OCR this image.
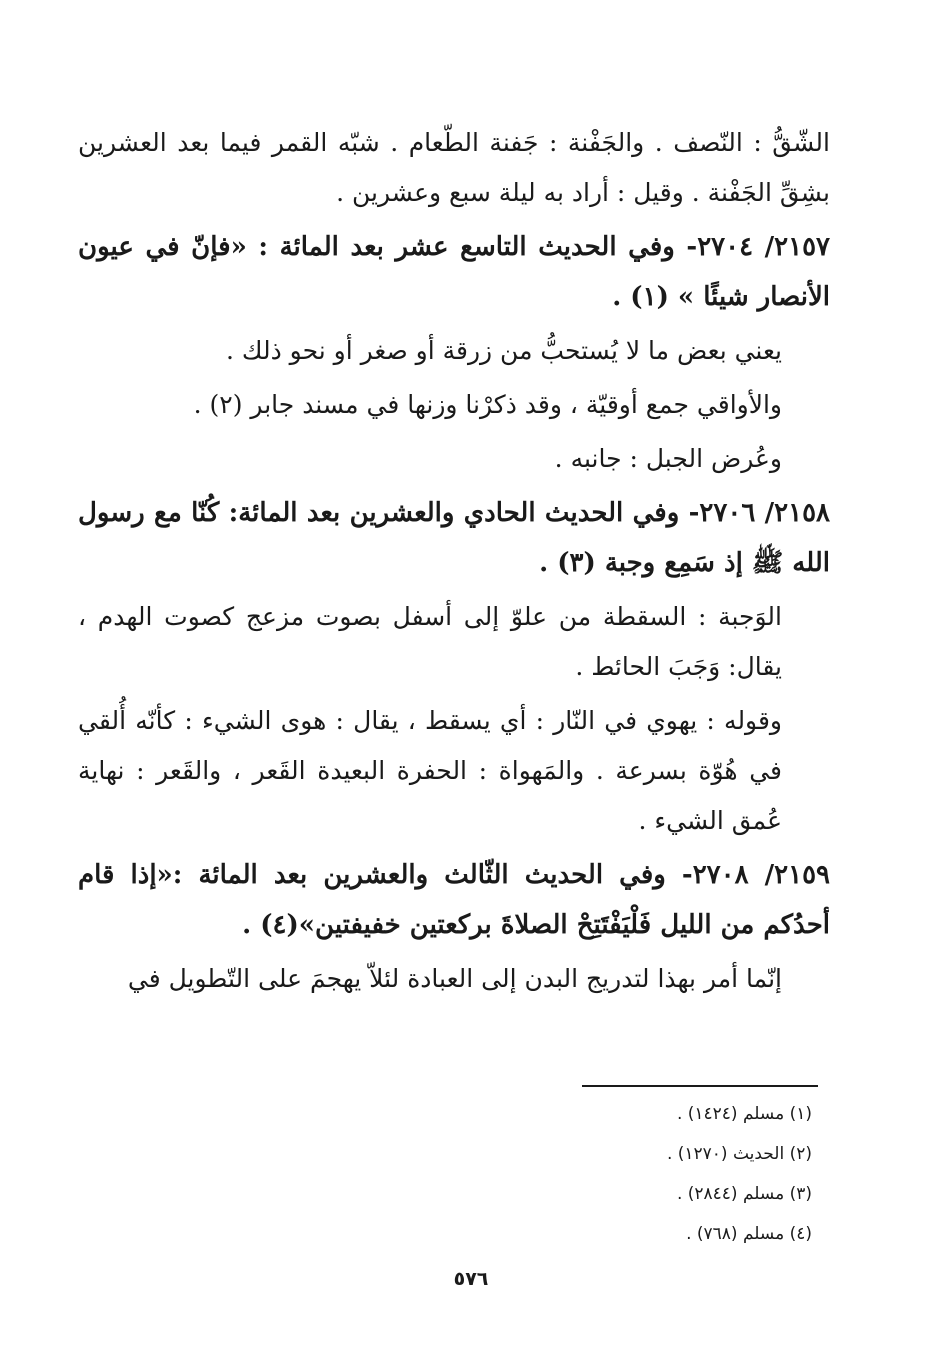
الشّقُّ : النّصف . والجَفْنة : جَفنة الطّعام . شبّه القمر فيما بعد العشرين بشِقِّ الجَفْنة . وقيل : أراد به ليلة سبع وعشرين .

٢١٥٧/ ٢٧٠٤- وفي الحديث التاسع عشر بعد المائة : «فإنّ في عيون الأنصار شيئًا » (١) .

يعني بعض ما لا يُستحبُّ من زرقة أو صغر أو نحو ذلك .

والأواقي جمع أوقيّة ، وقد ذكرْنا وزنها في مسند جابر (٢) .

وعُرض الجبل : جانبه .

٢١٥٨/ ٢٧٠٦- وفي الحديث الحادي والعشرين بعد المائة: كُنّا مع رسول الله ﷺ إذ سَمِع وجبة (٣) .

الوَجبة : السقطة من علوّ إلى أسفل بصوت مزعج كصوت الهدم ، يقال: وَجَبَ الحائط .

وقوله : يهوي في النّار : أي يسقط ، يقال : هوى الشيء : كأنّه أُلقي في هُوّة بسرعة . والمَهواة : الحفرة البعيدة القَعر ، والقَعر : نهاية عُمق الشيء .

٢١٥٩/ ٢٧٠٨- وفي الحديث الثّالث والعشرين بعد المائة :«إذا قام أحدُكم من الليل فَلْيَفْتَتِحْ الصلاةَ بركعتين خفيفتين»(٤) .

إنّما أمر بهذا لتدريج البدن إلى العبادة لئلاّ يهجمَ على التّطويل في

(١) مسلم (١٤٢٤) .

(٢) الحديث (١٢٧٠) .

(٣) مسلم (٢٨٤٤) .

(٤) مسلم (٧٦٨) .

٥٧٦
